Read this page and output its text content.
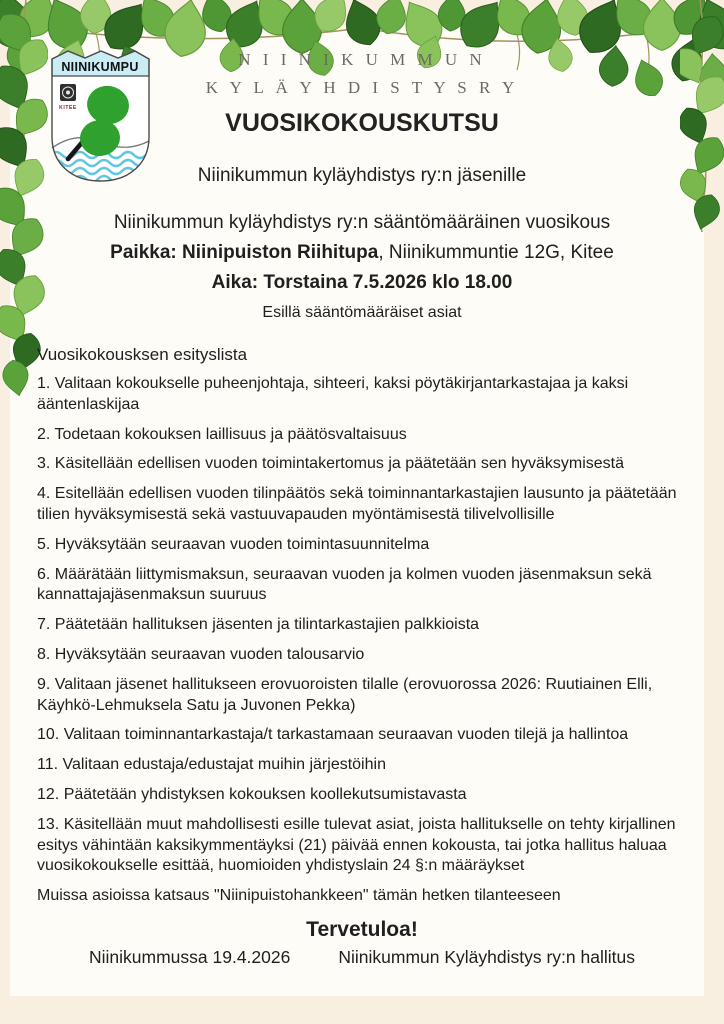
NIINIKUMPU
KITEE
N I I N I K U M M U N
K Y L Ä Y H D I S T Y S R Y
VUOSIKOKOUSKUTSU
Niinikummun kyläyhdistys ry:n jäsenille
Niinikummun kyläyhdistys ry:n sääntömääräinen vuosikous
Paikka: Niinipuiston Riihitupa, Niinikummuntie 12G, Kitee
Aika: Torstaina 7.5.2026 klo 18.00
Esillä sääntömääräiset asiat
Vuosikokousksen esityslista

1. Valitaan kokoukselle puheenjohtaja, sihteeri, kaksi pöytäkirjantarkastajaa ja kaksi ääntenlaskijaa

2. Todetaan kokouksen laillisuus ja päätösvaltaisuus

3. Käsitellään edellisen vuoden toimintakertomus ja päätetään sen hyväksymisestä

4. Esitellään edellisen vuoden tilinpäätös sekä toiminnantarkastajien lausunto ja päätetään tilien hyväksymisestä sekä vastuuvapauden myöntämisestä tilivelvollisille

5. Hyväksytään seuraavan vuoden toimintasuunnitelma

6. Määrätään liittymismaksun, seuraavan vuoden ja kolmen vuoden jäsenmaksun sekä kannattajajäsenmaksun suuruus

7. Päätetään hallituksen jäsenten ja tilintarkastajien palkkioista

8. Hyväksytään seuraavan vuoden talousarvio

9. Valitaan jäsenet hallitukseen erovuoroisten tilalle (erovuorossa 2026: Ruutiainen Elli, Käyhkö-Lehmuksela Satu ja Juvonen Pekka)

10. Valitaan toiminnantarkastaja/t tarkastamaan seuraavan vuoden tilejä ja hallintoa

11. Valitaan edustaja/edustajat muihin järjestöihin

12. Päätetään yhdistyksen kokouksen koollekutsumistavasta

13. Käsitellään muut mahdollisesti esille tulevat asiat, joista hallitukselle on tehty kirjallinen esitys vähintään kaksikymmentäyksi (21) päivää ennen kokousta, tai jotka hallitus haluaa vuosikokoukselle esittää, huomioiden yhdistyslain 24 §:n määräykset

Muissa asioissa katsaus "Niinipuistohankkeen" tämän hetken tilanteeseen

Tervetuloa!
Niinikummussa 19.4.2026	Niinikummun Kyläyhdistys ry:n hallitus
